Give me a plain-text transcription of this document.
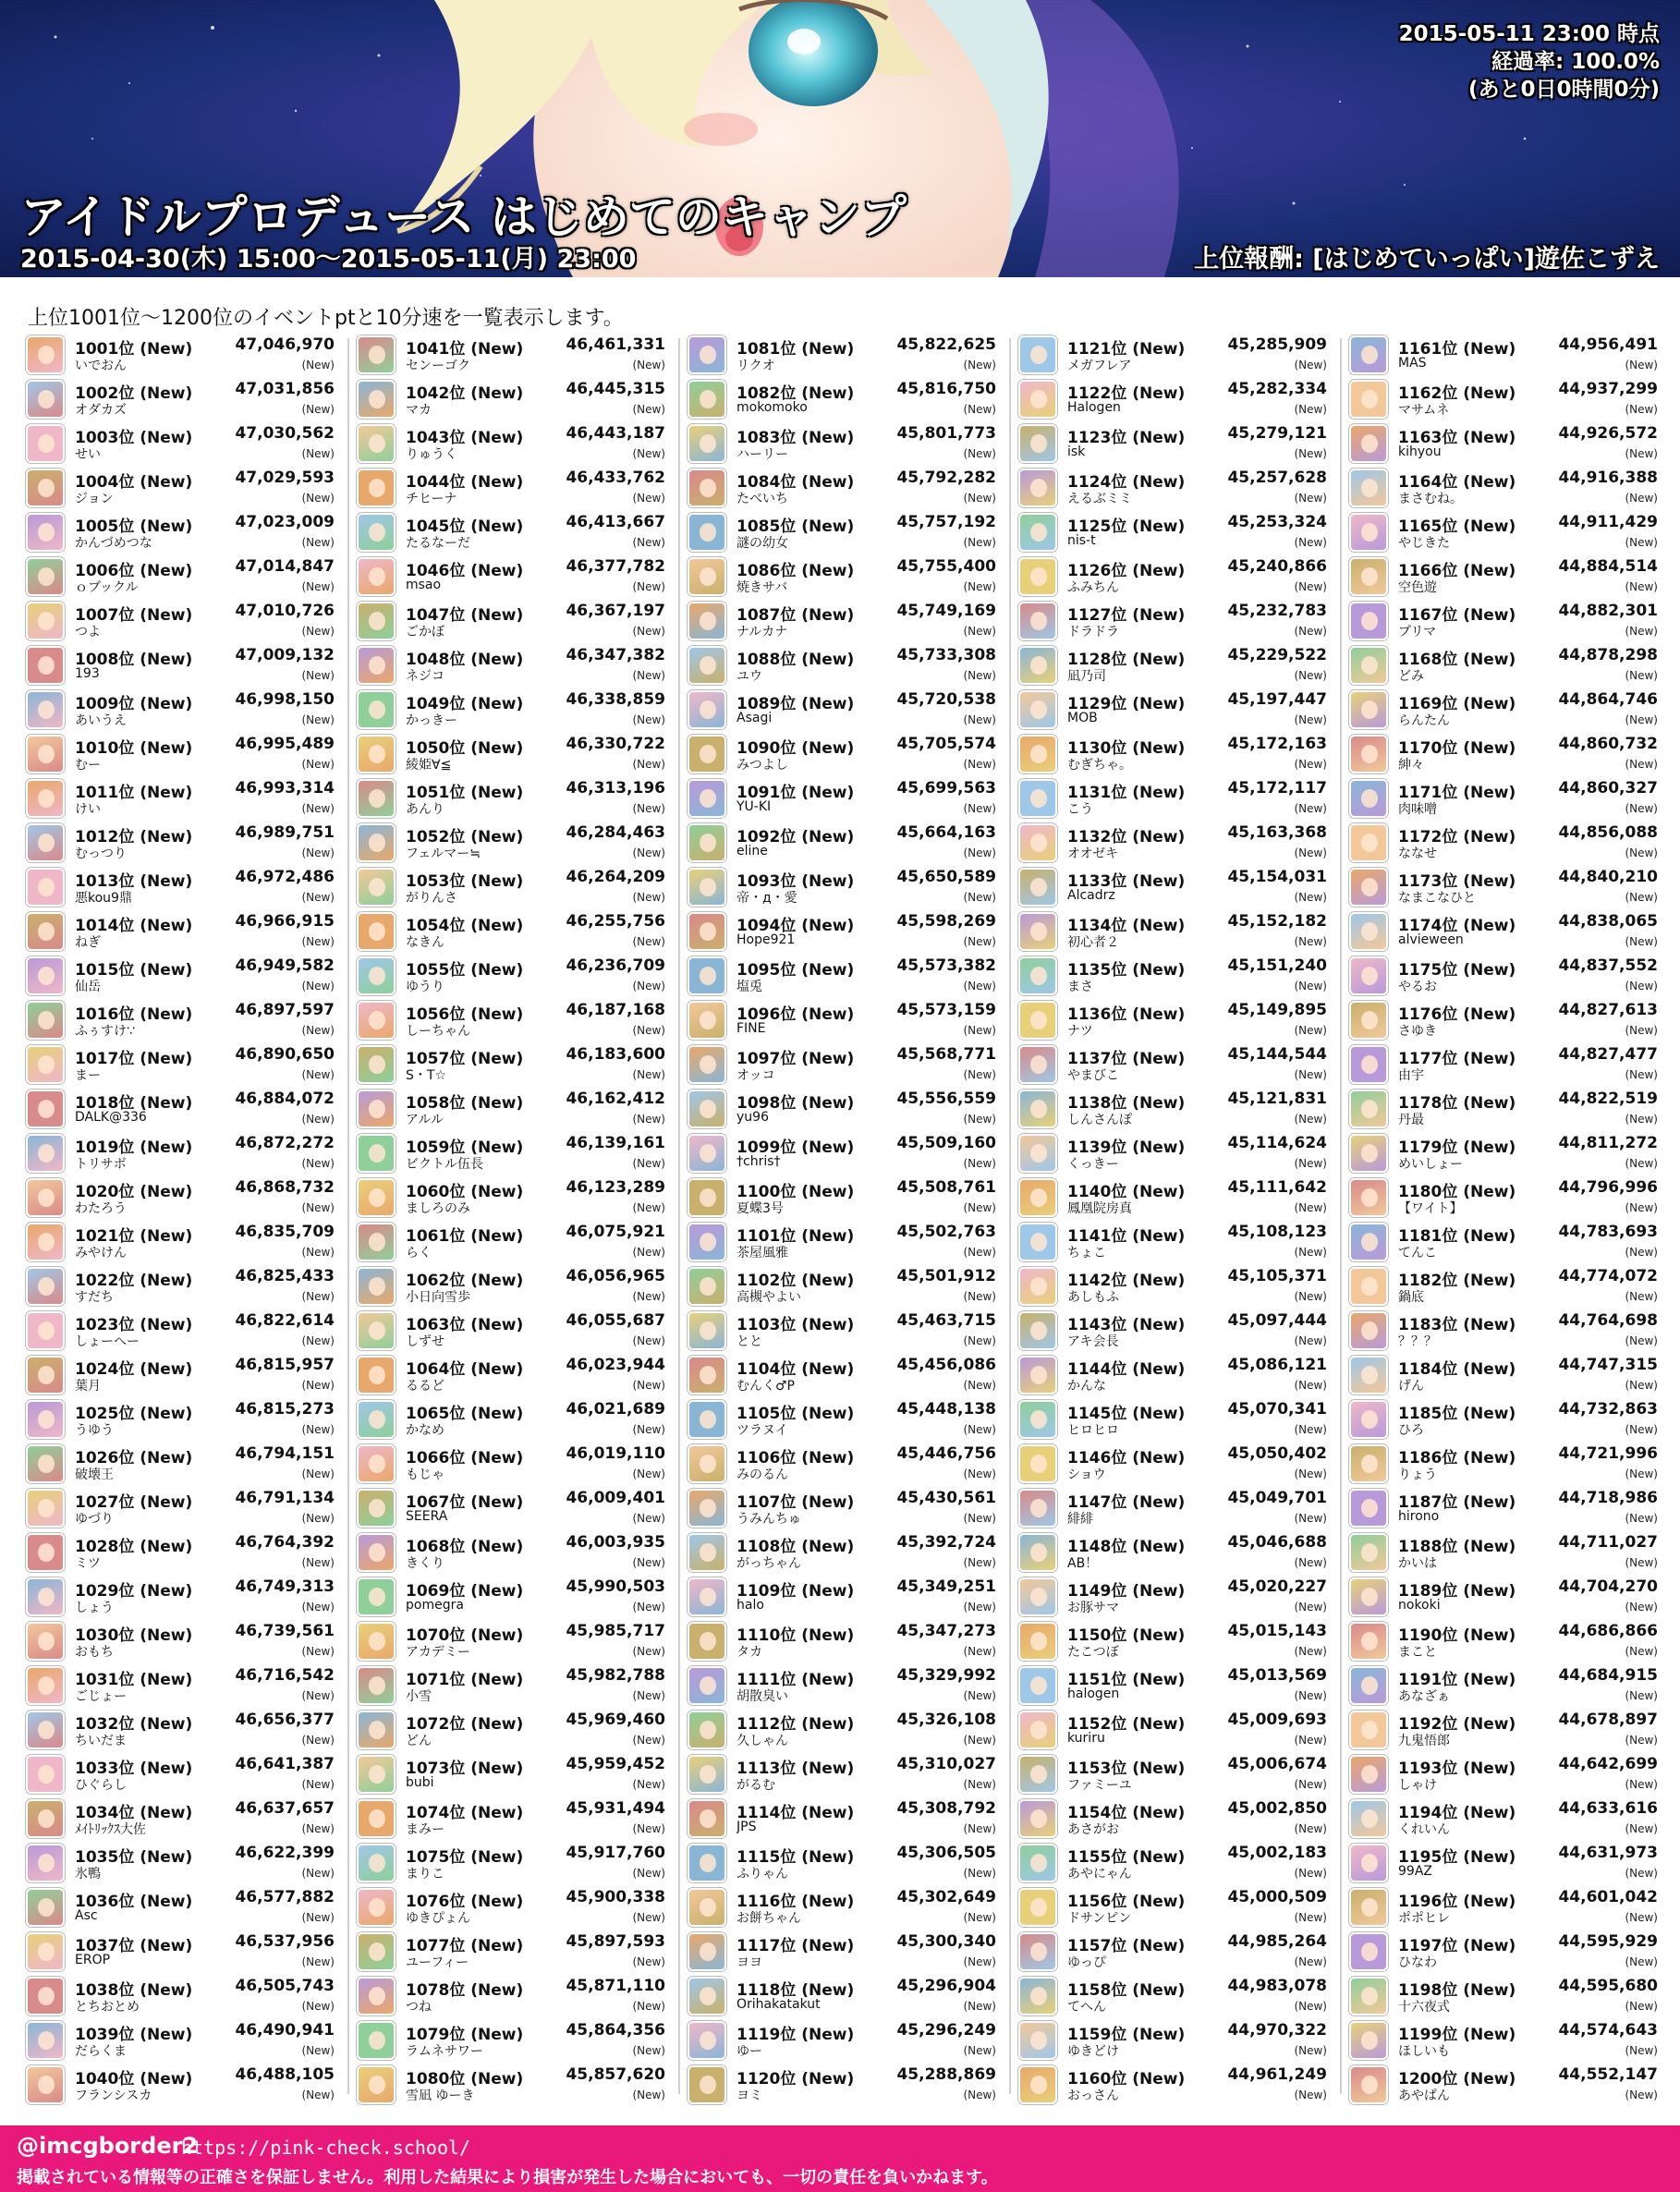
2015-05-11 23:00 時点
経過率: 100.0%
(あと0日0時間0分)
アイドルプロデュース はじめてのキャンプ
2015-04-30(木) 15:00〜2015-05-11(月) 23:00	上位報酬: [はじめていっぱい]遊佐こずえ
上位1001位〜1200位のイベントptと10分速を一覧表示します。
1001位 (New)	47,046,970
いでおん	(New)
1002位 (New)	47,031,856
オダカズ	(New)
1003位 (New)	47,030,562
せい	(New)
1004位 (New)	47,029,593
ジョン	(New)
1005位 (New)	47,023,009
かんづめつな	(New)
1006位 (New)	47,014,847
ｏブックル	(New)
1007位 (New)	47,010,726
つよ	(New)
1008位 (New)	47,009,132
193	(New)
1009位 (New)	46,998,150
あいうえ	(New)
1010位 (New)	46,995,489
むー	(New)
1011位 (New)	46,993,314
けい	(New)
1012位 (New)	46,989,751
むっつり	(New)
1013位 (New)	46,972,486
悪kou9鼎	(New)
1014位 (New)	46,966,915
ねぎ	(New)
1015位 (New)	46,949,582
仙岳	(New)
1016位 (New)	46,897,597
ふぅすけ∵	(New)
1017位 (New)	46,890,650
まー	(New)
1018位 (New)	46,884,072
DALK@336	(New)
1019位 (New)	46,872,272
トリサボ	(New)
1020位 (New)	46,868,732
わたろう	(New)
1021位 (New)	46,835,709
みやけん	(New)
1022位 (New)	46,825,433
すだち	(New)
1023位 (New)	46,822,614
しょーへー	(New)
1024位 (New)	46,815,957
葉月	(New)
1025位 (New)	46,815,273
うゆう	(New)
1026位 (New)	46,794,151
破壊王	(New)
1027位 (New)	46,791,134
ゆづり	(New)
1028位 (New)	46,764,392
ミツ	(New)
1029位 (New)	46,749,313
しょう	(New)
1030位 (New)	46,739,561
おもち	(New)
1031位 (New)	46,716,542
ごじょー	(New)
1032位 (New)	46,656,377
ちいだま	(New)
1033位 (New)	46,641,387
ひぐらし	(New)
1034位 (New)	46,637,657
ﾒｲﾄﾘｯｸｽ大佐	(New)
1035位 (New)	46,622,399
氷鴨	(New)
1036位 (New)	46,577,882
Asc	(New)
1037位 (New)	46,537,956
EROP	(New)
1038位 (New)	46,505,743
とちおとめ	(New)
1039位 (New)	46,490,941
だらくま	(New)
1040位 (New)	46,488,105
フランシスカ	(New)
1041位 (New)	46,461,331
センーゴク	(New)
1042位 (New)	46,445,315
マカ	(New)
1043位 (New)	46,443,187
りゅうく	(New)
1044位 (New)	46,433,762
チヒーナ	(New)
1045位 (New)	46,413,667
たるなーだ	(New)
1046位 (New)	46,377,782
msao	(New)
1047位 (New)	46,367,197
ごかぼ	(New)
1048位 (New)	46,347,382
ネジコ	(New)
1049位 (New)	46,338,859
かっきー	(New)
1050位 (New)	46,330,722
綾姫∀≦	(New)
1051位 (New)	46,313,196
あんり	(New)
1052位 (New)	46,284,463
フェルマー≒	(New)
1053位 (New)	46,264,209
がりんさ	(New)
1054位 (New)	46,255,756
なきん	(New)
1055位 (New)	46,236,709
ゆうり	(New)
1056位 (New)	46,187,168
しーちゃん	(New)
1057位 (New)	46,183,600
S・T☆	(New)
1058位 (New)	46,162,412
アルル	(New)
1059位 (New)	46,139,161
ビクトル伍長	(New)
1060位 (New)	46,123,289
ましろのみ	(New)
1061位 (New)	46,075,921
らく	(New)
1062位 (New)	46,056,965
小日向雪歩	(New)
1063位 (New)	46,055,687
しずせ	(New)
1064位 (New)	46,023,944
るるど	(New)
1065位 (New)	46,021,689
かなめ	(New)
1066位 (New)	46,019,110
もじゃ	(New)
1067位 (New)	46,009,401
SEERA	(New)
1068位 (New)	46,003,935
きくり	(New)
1069位 (New)	45,990,503
pomegra	(New)
1070位 (New)	45,985,717
アカデミー	(New)
1071位 (New)	45,982,788
小雪	(New)
1072位 (New)	45,969,460
どん	(New)
1073位 (New)	45,959,452
bubi	(New)
1074位 (New)	45,931,494
まみー	(New)
1075位 (New)	45,917,760
まりこ	(New)
1076位 (New)	45,900,338
ゆきぴょん	(New)
1077位 (New)	45,897,593
ユーフィー	(New)
1078位 (New)	45,871,110
つね	(New)
1079位 (New)	45,864,356
ラムネサワー	(New)
1080位 (New)	45,857,620
雪凪 ゆーき	(New)
1081位 (New)	45,822,625
リクオ	(New)
1082位 (New)	45,816,750
mokomoko	(New)
1083位 (New)	45,801,773
ハーリー	(New)
1084位 (New)	45,792,282
たべいち	(New)
1085位 (New)	45,757,192
謎の幼女	(New)
1086位 (New)	45,755,400
焼きサバ	(New)
1087位 (New)	45,749,169
ナルカナ	(New)
1088位 (New)	45,733,308
ユウ	(New)
1089位 (New)	45,720,538
Asagi	(New)
1090位 (New)	45,705,574
みつよし	(New)
1091位 (New)	45,699,563
YU-KI	(New)
1092位 (New)	45,664,163
eline	(New)
1093位 (New)	45,650,589
帝・д・愛	(New)
1094位 (New)	45,598,269
Hope921	(New)
1095位 (New)	45,573,382
塩兎	(New)
1096位 (New)	45,573,159
FINE	(New)
1097位 (New)	45,568,771
オッコ	(New)
1098位 (New)	45,556,559
yu96	(New)
1099位 (New)	45,509,160
†chris†	(New)
1100位 (New)	45,508,761
夏蝶3号	(New)
1101位 (New)	45,502,763
茶屋風雅	(New)
1102位 (New)	45,501,912
高槻やよい	(New)
1103位 (New)	45,463,715
とと	(New)
1104位 (New)	45,456,086
むんく♂P	(New)
1105位 (New)	45,448,138
ツラヌイ	(New)
1106位 (New)	45,446,756
みのるん	(New)
1107位 (New)	45,430,561
うみんちゅ	(New)
1108位 (New)	45,392,724
がっちゃん	(New)
1109位 (New)	45,349,251
halo	(New)
1110位 (New)	45,347,273
タカ	(New)
1111位 (New)	45,329,992
胡散臭い	(New)
1112位 (New)	45,326,108
久しゃん	(New)
1113位 (New)	45,310,027
がるむ	(New)
1114位 (New)	45,308,792
JPS	(New)
1115位 (New)	45,306,505
ふりゃん	(New)
1116位 (New)	45,302,649
お餅ちゃん	(New)
1117位 (New)	45,300,340
ヨヨ	(New)
1118位 (New)	45,296,904
Orihakatakut	(New)
1119位 (New)	45,296,249
ゆー	(New)
1120位 (New)	45,288,869
ヨミ	(New)
1121位 (New)	45,285,909
メガフレア	(New)
1122位 (New)	45,282,334
Halogen	(New)
1123位 (New)	45,279,121
isk	(New)
1124位 (New)	45,257,628
えるぶミミ	(New)
1125位 (New)	45,253,324
nis-t	(New)
1126位 (New)	45,240,866
ふみちん	(New)
1127位 (New)	45,232,783
ドラドラ	(New)
1128位 (New)	45,229,522
凪乃司	(New)
1129位 (New)	45,197,447
MOB	(New)
1130位 (New)	45,172,163
むぎちゃ。	(New)
1131位 (New)	45,172,117
こう	(New)
1132位 (New)	45,163,368
オオゼキ	(New)
1133位 (New)	45,154,031
Alcadrz	(New)
1134位 (New)	45,152,182
初心者２	(New)
1135位 (New)	45,151,240
まさ	(New)
1136位 (New)	45,149,895
ナツ	(New)
1137位 (New)	45,144,544
やまびこ	(New)
1138位 (New)	45,121,831
しんさんぽ	(New)
1139位 (New)	45,114,624
くっきー	(New)
1140位 (New)	45,111,642
鳳凰院房真	(New)
1141位 (New)	45,108,123
ちょこ	(New)
1142位 (New)	45,105,371
あしもふ	(New)
1143位 (New)	45,097,444
アキ会長	(New)
1144位 (New)	45,086,121
かんな	(New)
1145位 (New)	45,070,341
ヒロヒロ	(New)
1146位 (New)	45,050,402
ショウ	(New)
1147位 (New)	45,049,701
緋緋	(New)
1148位 (New)	45,046,688
AB！	(New)
1149位 (New)	45,020,227
お豚サマ	(New)
1150位 (New)	45,015,143
たこつぼ	(New)
1151位 (New)	45,013,569
halogen	(New)
1152位 (New)	45,009,693
kuriru	(New)
1153位 (New)	45,006,674
ファミーユ	(New)
1154位 (New)	45,002,850
あさがお	(New)
1155位 (New)	45,002,183
あやにゃん	(New)
1156位 (New)	45,000,509
ドサンピン	(New)
1157位 (New)	44,985,264
ゆっぴ	(New)
1158位 (New)	44,983,078
てへん	(New)
1159位 (New)	44,970,322
ゆきどけ	(New)
1160位 (New)	44,961,249
おっさん	(New)
1161位 (New)	44,956,491
MAS	(New)
1162位 (New)	44,937,299
マサムネ	(New)
1163位 (New)	44,926,572
kihyou	(New)
1164位 (New)	44,916,388
まさむね。	(New)
1165位 (New)	44,911,429
やじきた	(New)
1166位 (New)	44,884,514
空色遊	(New)
1167位 (New)	44,882,301
プリマ	(New)
1168位 (New)	44,878,298
どみ	(New)
1169位 (New)	44,864,746
らんたん	(New)
1170位 (New)	44,860,732
紳々	(New)
1171位 (New)	44,860,327
肉味噌	(New)
1172位 (New)	44,856,088
ななせ	(New)
1173位 (New)	44,840,210
なまこなひと	(New)
1174位 (New)	44,838,065
alvieween	(New)
1175位 (New)	44,837,552
やるお	(New)
1176位 (New)	44,827,613
さゆき	(New)
1177位 (New)	44,827,477
由宇	(New)
1178位 (New)	44,822,519
丹最	(New)
1179位 (New)	44,811,272
めいしょー	(New)
1180位 (New)	44,796,996
【ワイト】	(New)
1181位 (New)	44,783,693
てんこ	(New)
1182位 (New)	44,774,072
鍋底	(New)
1183位 (New)	44,764,698
？？？	(New)
1184位 (New)	44,747,315
げん	(New)
1185位 (New)	44,732,863
ひろ	(New)
1186位 (New)	44,721,996
りょう	(New)
1187位 (New)	44,718,986
hirono	(New)
1188位 (New)	44,711,027
かいは	(New)
1189位 (New)	44,704,270
nokoki	(New)
1190位 (New)	44,686,866
まこと	(New)
1191位 (New)	44,684,915
あなざぁ	(New)
1192位 (New)	44,678,897
九鬼悟郎	(New)
1193位 (New)	44,642,699
しゃけ	(New)
1194位 (New)	44,633,616
くれいん	(New)
1195位 (New)	44,631,973
99AZ	(New)
1196位 (New)	44,601,042
ポポヒレ	(New)
1197位 (New)	44,595,929
ひなわ	(New)
1198位 (New)	44,595,680
十六夜式	(New)
1199位 (New)	44,574,643
ほしいも	(New)
1200位 (New)	44,552,147
あやぱん	(New)
@imcgborder2
https://pink-check.school/
掲載されている情報等の正確さを保証しません。利用した結果により損害が発生した場合においても、一切の責任を負いかねます。
